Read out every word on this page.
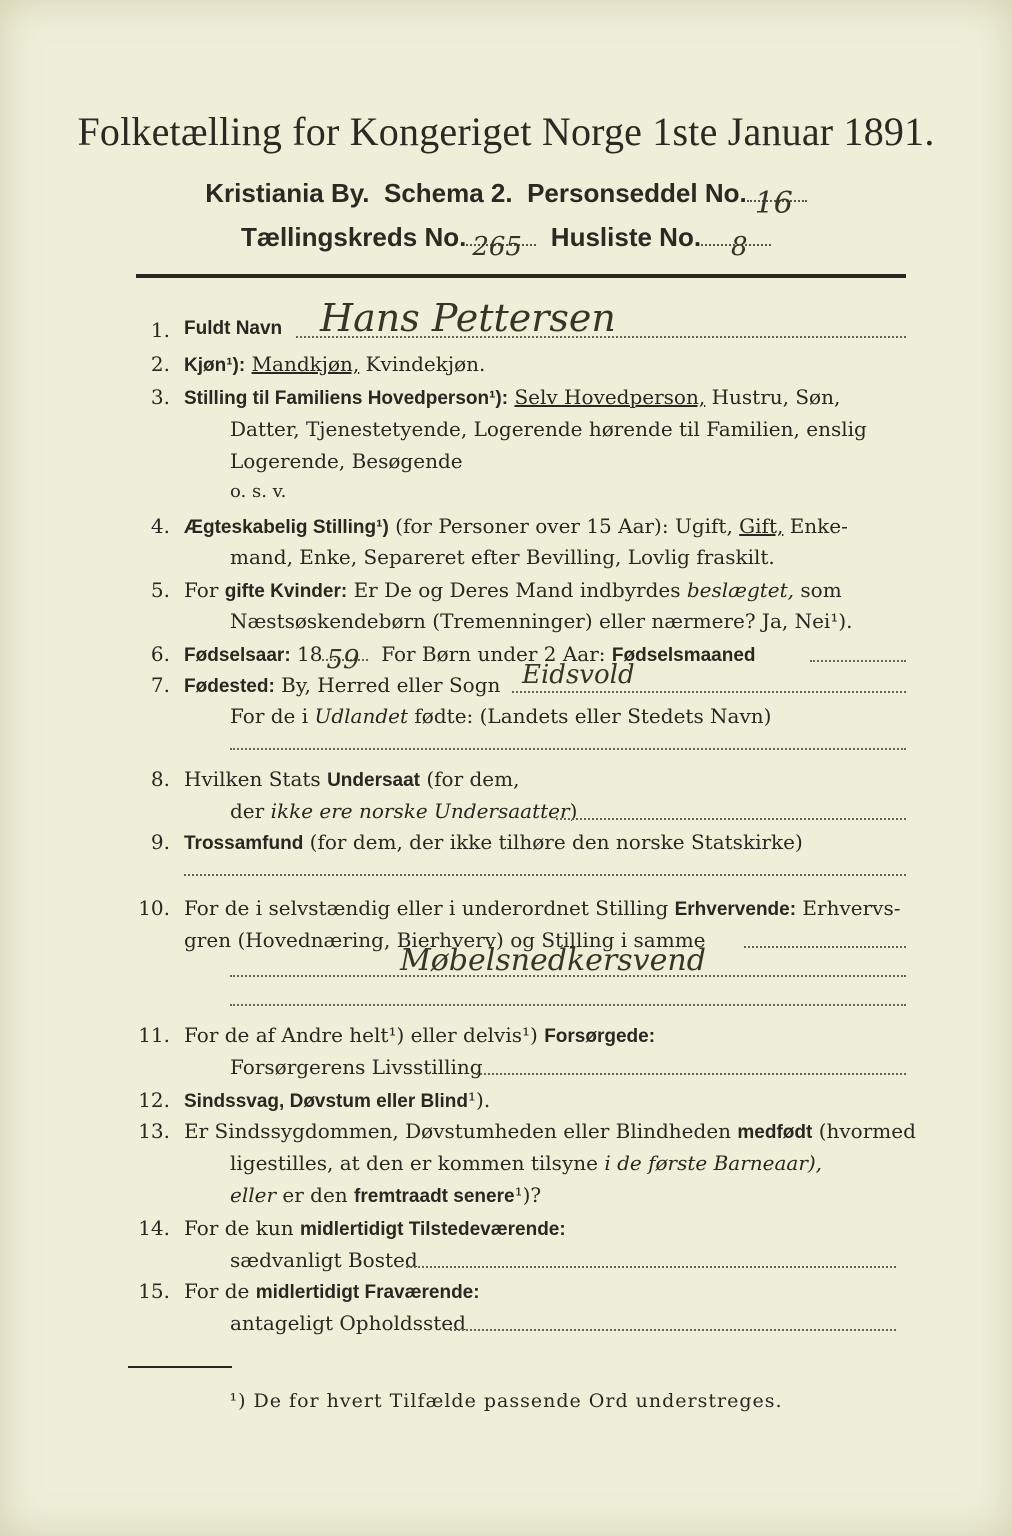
Folketælling for Kongeriget Norge 1ste Januar 1891.
Kristiania By. Schema 2. Personseddel No. 16
Tællingskreds No. 265 Husliste No. 8
1. Fuldt Navn Hans Pettersen
2. Kjøn¹): Mandkjøn, Kvindekjøn.
3. Stilling til Familiens Hovedperson¹): Selv Hovedperson, Hustru, Søn,
Datter, Tjenestetyende, Logerende hørende til Familien, enslig
Logerende, Besøgende
o. s. v.
4. Ægteskabelig Stilling¹) (for Personer over 15 Aar): Ugift, Gift, Enke-
mand, Enke, Separeret efter Bevilling, Lovlig fraskilt.
5. For gifte Kvinder: Er De og Deres Mand indbyrdes beslægtet, som
Næstsøskendebørn (Tremenninger) eller nærmere? Ja, Nei¹).
6. Fødselsaar: 18 59 For Børn under 2 Aar: Fødselsmaaned
7. Fødested: By, Herred eller Sogn Eidsvold
For de i Udlandet fødte: (Landets eller Stedets Navn)
8. Hvilken Stats Undersaat (for dem,
der ikke ere norske Undersaatter)
9. Trossamfund (for dem, der ikke tilhøre den norske Statskirke)
10. For de i selvstændig eller i underordnet Stilling Erhvervende: Erhvervs-
gren (Hovednæring, Bierhverv) og Stilling i samme
Møbelsnedkersvend
11. For de af Andre helt¹) eller delvis¹) Forsørgede:
Forsørgerens Livsstilling
12. Sindssvag, Døvstum eller Blind¹).
13. Er Sindssygdommen, Døvstumheden eller Blindheden medfødt (hvormed
ligestilles, at den er kommen tilsyne i de første Barneaar),
eller er den fremtraadt senere¹)?
14. For de kun midlertidigt Tilstedeværende:
sædvanligt Bosted
15. For de midlertidigt Fraværende:
antageligt Opholdssted
¹) De for hvert Tilfælde passende Ord understreges.
